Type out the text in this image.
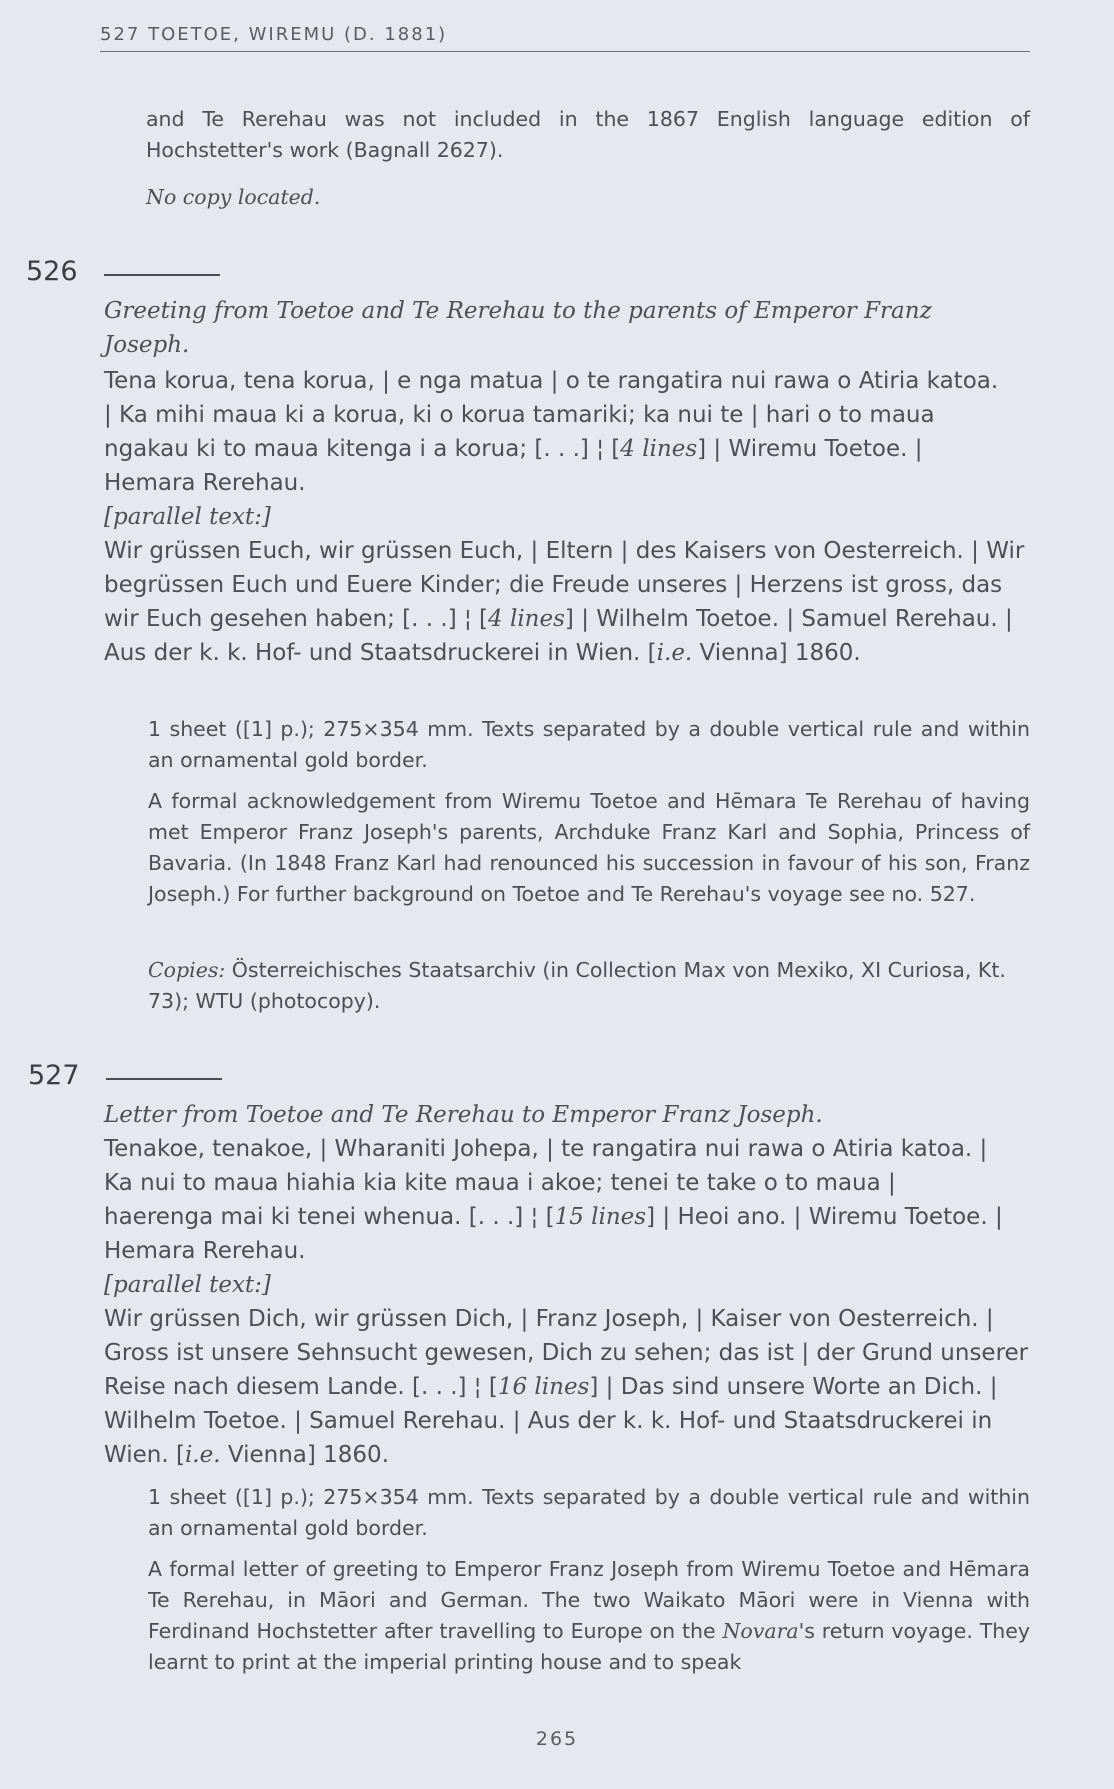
527 TOETOE, WIREMU (D. 1881)

and Te Rerehau was not included in the 1867 English language edition of Hochstetter's work (Bagnall 2627).

No copy located.

526

Greeting from Toetoe and Te Rerehau to the parents of Emperor Franz Joseph.

Tena korua, tena korua, | e nga matua | o te rangatira nui rawa o Atiria katoa. | Ka mihi maua ki a korua, ki o korua tamariki; ka nui te | hari o to maua ngakau ki to maua kitenga i a korua; [. . .] ¦ [4 lines] | Wiremu Toetoe. | Hemara Rerehau.

[parallel text:]

Wir grüssen Euch, wir grüssen Euch, | Eltern | des Kaisers von Oesterreich. | Wir begrüssen Euch und Euere Kinder; die Freude unseres | Herzens ist gross, das wir Euch gesehen haben; [. . .] ¦ [4 lines] | Wilhelm Toetoe. | Samuel Rerehau. | Aus der k. k. Hof- und Staatsdruckerei in Wien. [i.e. Vienna] 1860.

1 sheet ([1] p.); 275×354 mm. Texts separated by a double vertical rule and within an ornamental gold border.

A formal acknowledgement from Wiremu Toetoe and Hēmara Te Rerehau of having met Emperor Franz Joseph's parents, Archduke Franz Karl and Sophia, Princess of Bavaria. (In 1848 Franz Karl had renounced his succession in favour of his son, Franz Joseph.) For further background on Toetoe and Te Rerehau's voyage see no. 527.

Copies: Österreichisches Staatsarchiv (in Collection Max von Mexiko, XI Curiosa, Kt. 73); WTU (photocopy).

527

Letter from Toetoe and Te Rerehau to Emperor Franz Joseph.

Tenakoe, tenakoe, | Wharaniti Johepa, | te rangatira nui rawa o Atiria katoa. | Ka nui to maua hiahia kia kite maua i akoe; tenei te take o to maua | haerenga mai ki tenei whenua. [. . .] ¦ [15 lines] | Heoi ano. | Wiremu Toetoe. | Hemara Rerehau.

[parallel text:]

Wir grüssen Dich, wir grüssen Dich, | Franz Joseph, | Kaiser von Oesterreich. | Gross ist unsere Sehnsucht gewesen, Dich zu sehen; das ist | der Grund unserer Reise nach diesem Lande. [. . .] ¦ [16 lines] | Das sind unsere Worte an Dich. | Wilhelm Toetoe. | Samuel Rerehau. | Aus der k. k. Hof- und Staatsdruckerei in Wien. [i.e. Vienna] 1860.

1 sheet ([1] p.); 275×354 mm. Texts separated by a double vertical rule and within an ornamental gold border.

A formal letter of greeting to Emperor Franz Joseph from Wiremu Toetoe and Hēmara Te Rerehau, in Māori and German. The two Waikato Māori were in Vienna with Ferdinand Hochstetter after travelling to Europe on the Novara's return voyage. They learnt to print at the imperial printing house and to speak

265
